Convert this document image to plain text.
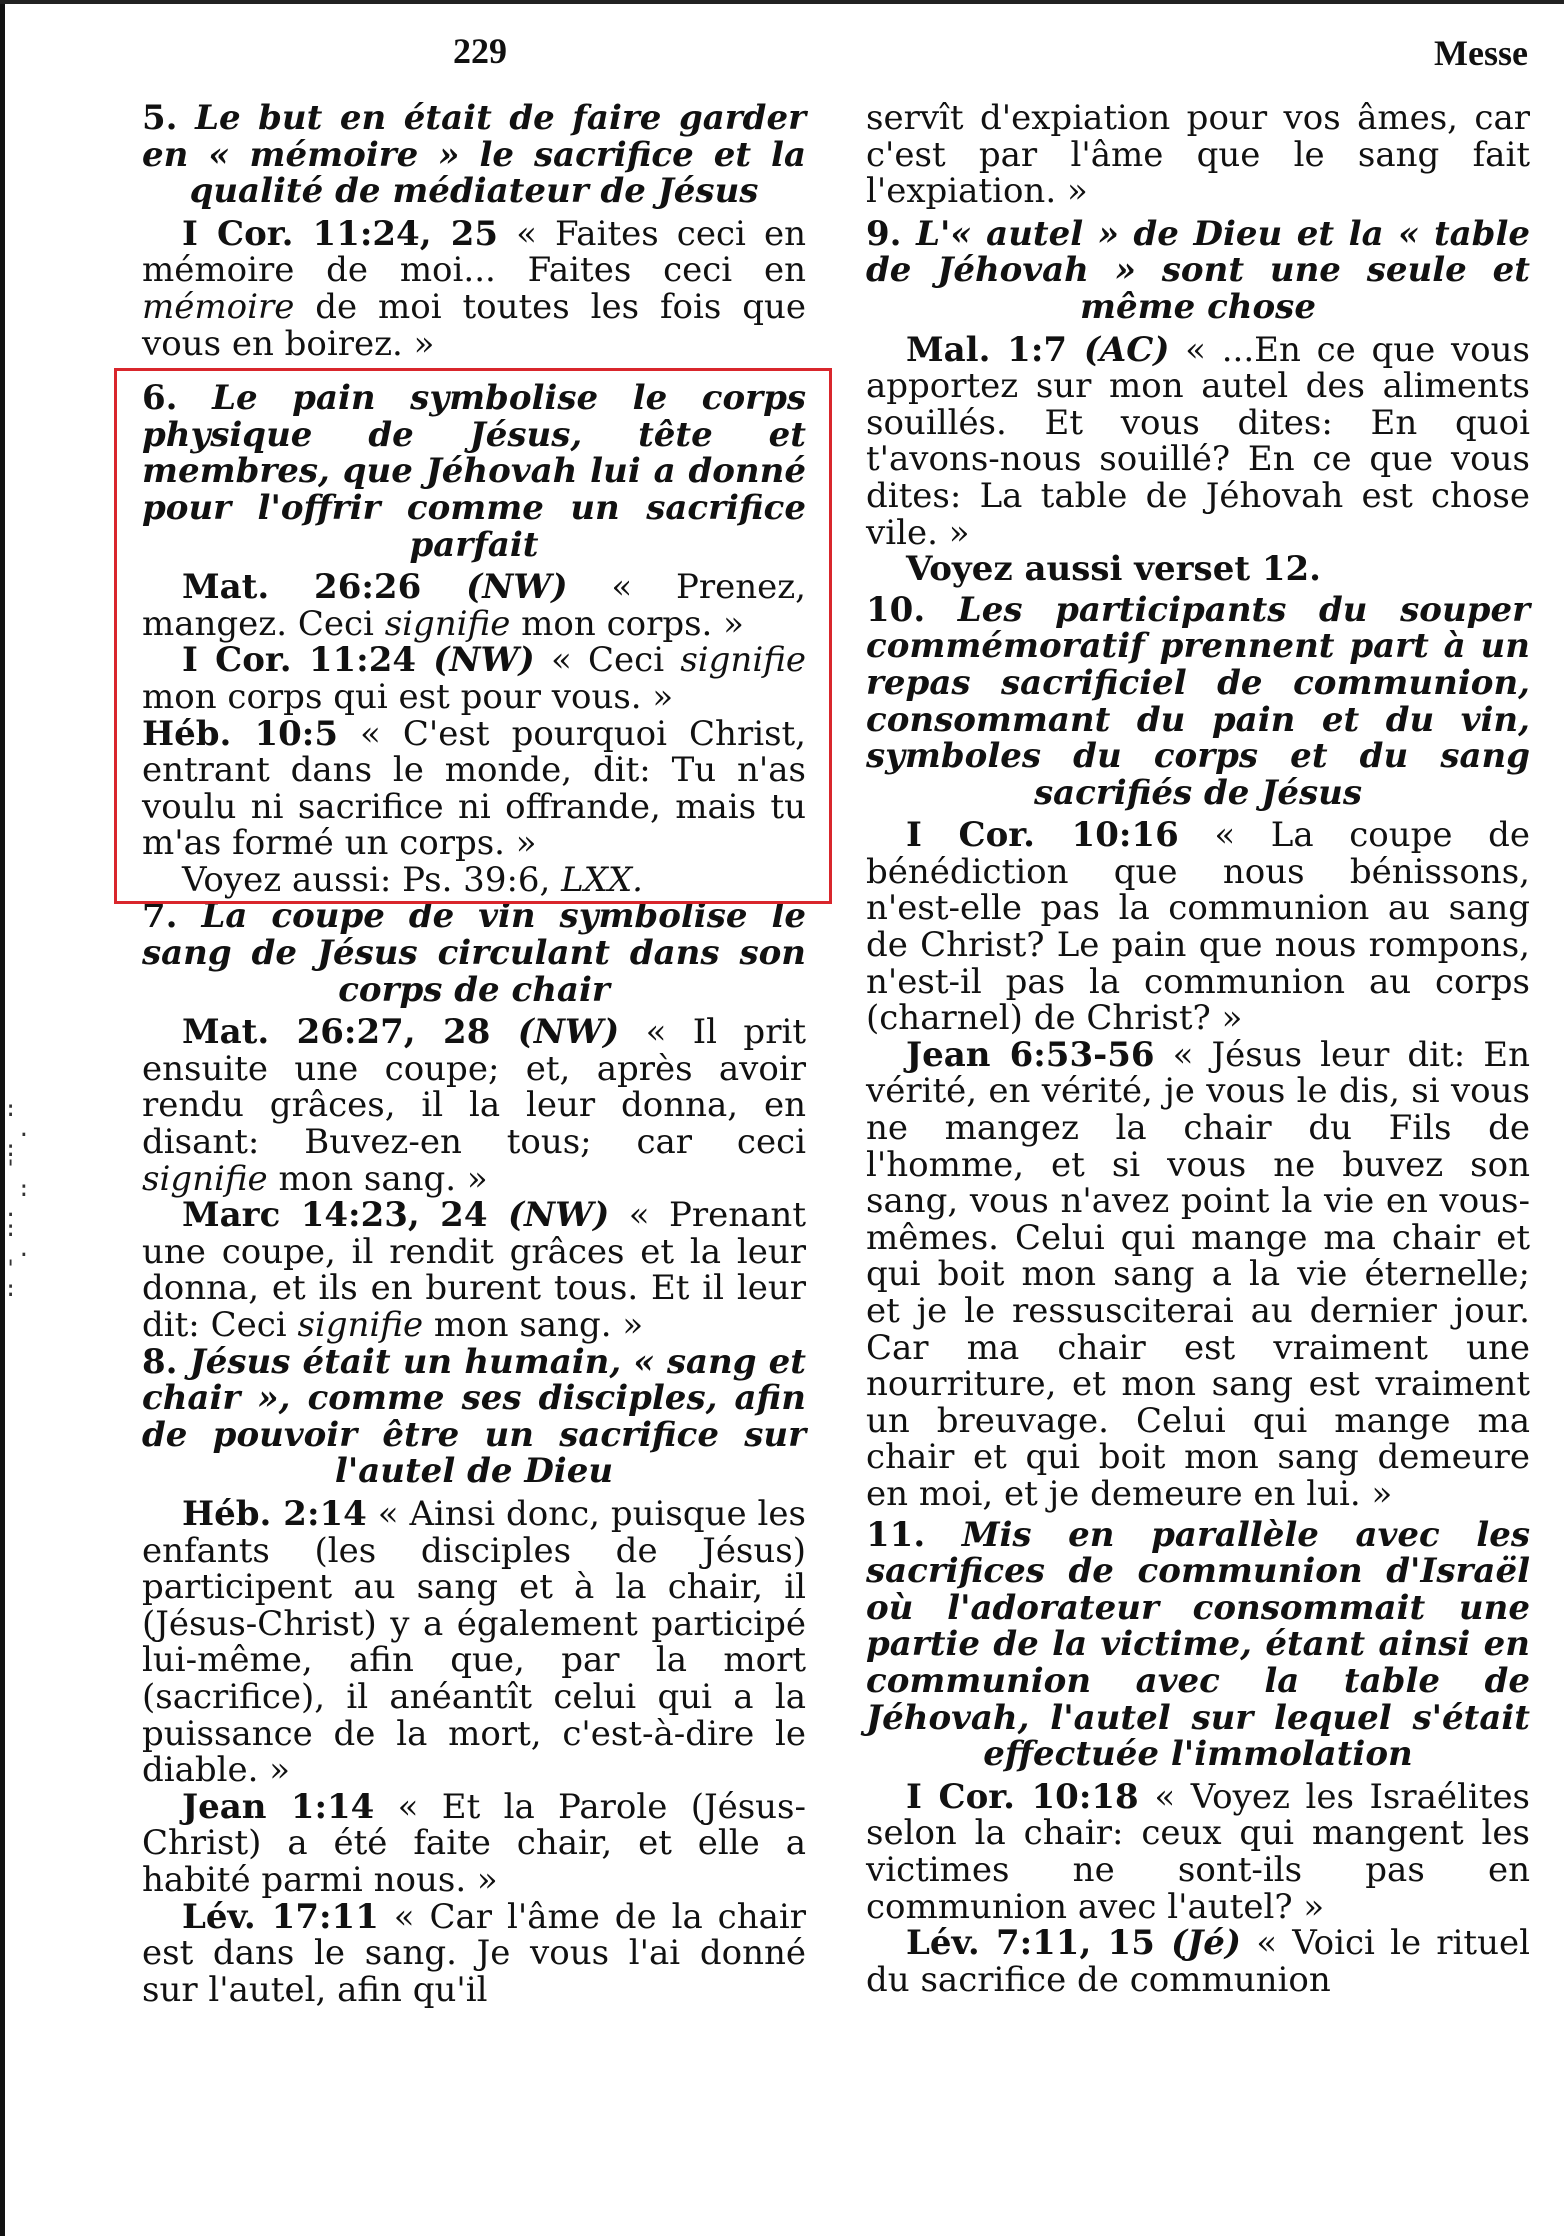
:
.
:
'
:
.
:
.
'
:

229	Messe

5. Le but en était de faire garder en « mémoire » le sacrifice et la qualité de médiateur de Jésus

I Cor. 11:24, 25 « Faites ceci en mémoire de moi... Faites ceci en mémoire de moi toutes les fois que vous en boirez. »

6. Le pain symbolise le corps physique de Jésus, tête et membres, que Jéhovah lui a donné pour l'offrir comme un sacrifice parfait

Mat. 26:26 (NW) « Prenez, mangez. Ceci signifie mon corps. »

I Cor. 11:24 (NW) « Ceci signifie mon corps qui est pour vous. »

Héb. 10:5 « C'est pourquoi Christ, entrant dans le monde, dit: Tu n'as voulu ni sacrifice ni offrande, mais tu m'as formé un corps. »

Voyez aussi: Ps. 39:6, LXX.

7. La coupe de vin symbolise le sang de Jésus circulant dans son corps de chair

Mat. 26:27, 28 (NW) « Il prit ensuite une coupe; et, après avoir rendu grâces, il la leur donna, en disant: Buvez-en tous; car ceci signifie mon sang. »

Marc 14:23, 24 (NW) « Prenant une coupe, il rendit grâces et la leur donna, et ils en burent tous. Et il leur dit: Ceci signifie mon sang. »

8. Jésus était un humain, « sang et chair », comme ses disciples, afin de pouvoir être un sacrifice sur l'autel de Dieu

Héb. 2:14 « Ainsi donc, puisque les enfants (les disciples de Jésus) participent au sang et à la chair, il (Jésus-Christ) y a également participé lui-même, afin que, par la mort (sacrifice), il anéantît celui qui a la puissance de la mort, c'est-à-dire le diable. »

Jean 1:14 « Et la Parole (Jésus-Christ) a été faite chair, et elle a habité parmi nous. »

Lév. 17:11 « Car l'âme de la chair est dans le sang. Je vous l'ai donné sur l'autel, afin qu'il

servît d'expiation pour vos âmes, car c'est par l'âme que le sang fait l'expiation. »

9. L'« autel » de Dieu et la « table de Jéhovah » sont une seule et même chose

Mal. 1:7 (AC) « ...En ce que vous apportez sur mon autel des aliments souillés. Et vous dites: En quoi t'avons-nous souillé? En ce que vous dites: La table de Jéhovah est chose vile. »

Voyez aussi verset 12.

10. Les participants du souper commémoratif prennent part à un repas sacrificiel de communion, consommant du pain et du vin, symboles du corps et du sang sacrifiés de Jésus

I Cor. 10:16 « La coupe de bénédiction que nous bénissons, n'est-elle pas la communion au sang de Christ? Le pain que nous rompons, n'est-il pas la communion au corps (charnel) de Christ? »

Jean 6:53-56 « Jésus leur dit: En vérité, en vérité, je vous le dis, si vous ne mangez la chair du Fils de l'homme, et si vous ne buvez son sang, vous n'avez point la vie en vous-mêmes. Celui qui mange ma chair et qui boit mon sang a la vie éternelle; et je le ressusciterai au dernier jour. Car ma chair est vraiment une nourriture, et mon sang est vraiment un breuvage. Celui qui mange ma chair et qui boit mon sang demeure en moi, et je demeure en lui. »

11. Mis en parallèle avec les sacrifices de communion d'Israël où l'adorateur consommait une partie de la victime, étant ainsi en communion avec la table de Jéhovah, l'autel sur lequel s'était effectuée l'immolation

I Cor. 10:18 « Voyez les Israélites selon la chair: ceux qui mangent les victimes ne sont-ils pas en communion avec l'autel? »

Lév. 7:11, 15 (Jé) « Voici le rituel du sacrifice de communion
